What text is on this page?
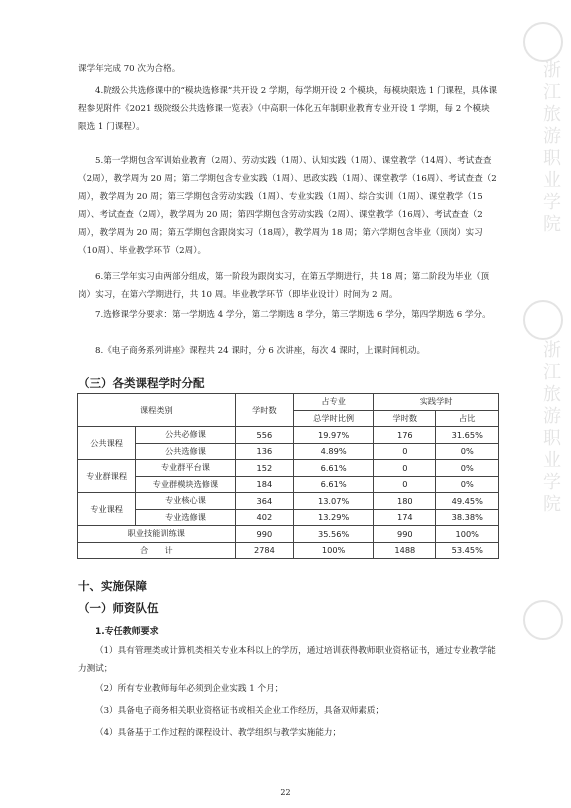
浙江旅游职业学院
浙江旅游职业学院

课学年完成 70 次为合格。

4.院级公共选修课中的“模块选修课”共开设 2 学期，每学期开设 2 个模块，每模块限选 1 门课程，具体课程参见附件《2021 级院级公共选修课一览表》（中高职一体化五年制职业教育专业开设 1 学期，每 2 个模块限选 1 门课程）。

5.第一学期包含军训始业教育（2周）、劳动实践（1周）、认知实践（1周）、课堂教学（14周）、考试查查（2周），教学周为 20 周；第二学期包含专业实践（1周）、思政实践（1周）、课堂教学（16周）、考试查查（2周），教学周为 20 周；第三学期包含劳动实践（1周）、专业实践（1周）、综合实训（1周）、课堂教学（15周）、考试查查（2周），教学周为 20 周；第四学期包含劳动实践（2周）、课堂教学（16周）、考试查查（2周），教学周为 20 周；第五学期包含跟岗实习（18周），教学周为 18 周；第六学期包含毕业（顶岗）实习（10周）、毕业教学环节（2周）。

6.第三学年实习由两部分组成，第一阶段为跟岗实习，在第五学期进行，共 18 周；第二阶段为毕业（顶岗）实习，在第六学期进行，共 10 周。毕业教学环节（即毕业设计）时间为 2 周。

7.选修课学分要求：第一学期选 4 学分，第二学期选 8 学分，第三学期选 6 学分，第四学期选 6 学分。

8.《电子商务系列讲座》课程共 24 课时，分 6 次讲座，每次 4 课时，上课时间机动。

（三）各类课程学时分配
课程类别		学时数	占专业	实践学时	
			总学时比例	学时数	占比
公共课程	公共必修课	556	19.97%	176	31.65%
	公共选修课	136	4.89%	0	0%
专业群课程	专业群平台课	152	6.61%	0	0%
	专业群模块选修课	184	6.61%	0	0%
专业课程	专业核心课	364	13.07%	180	49.45%
	专业选修课	402	13.29%	174	38.38%
职业技能训练课		990	35.56%	990	100%
合　　计		2784	100%	1488	53.45%
十、实施保障
（一）师资队伍
1.专任教师要求

（1）具有管理类或计算机类相关专业本科以上的学历，通过培训获得教师职业资格证书，通过专业教学能力测试；

（2）所有专业教师每年必须到企业实践 1 个月；

（3）具备电子商务相关职业资格证书或相关企业工作经历，具备双师素质；

（4）具备基于工作过程的课程设计、教学组织与教学实施能力；

22
